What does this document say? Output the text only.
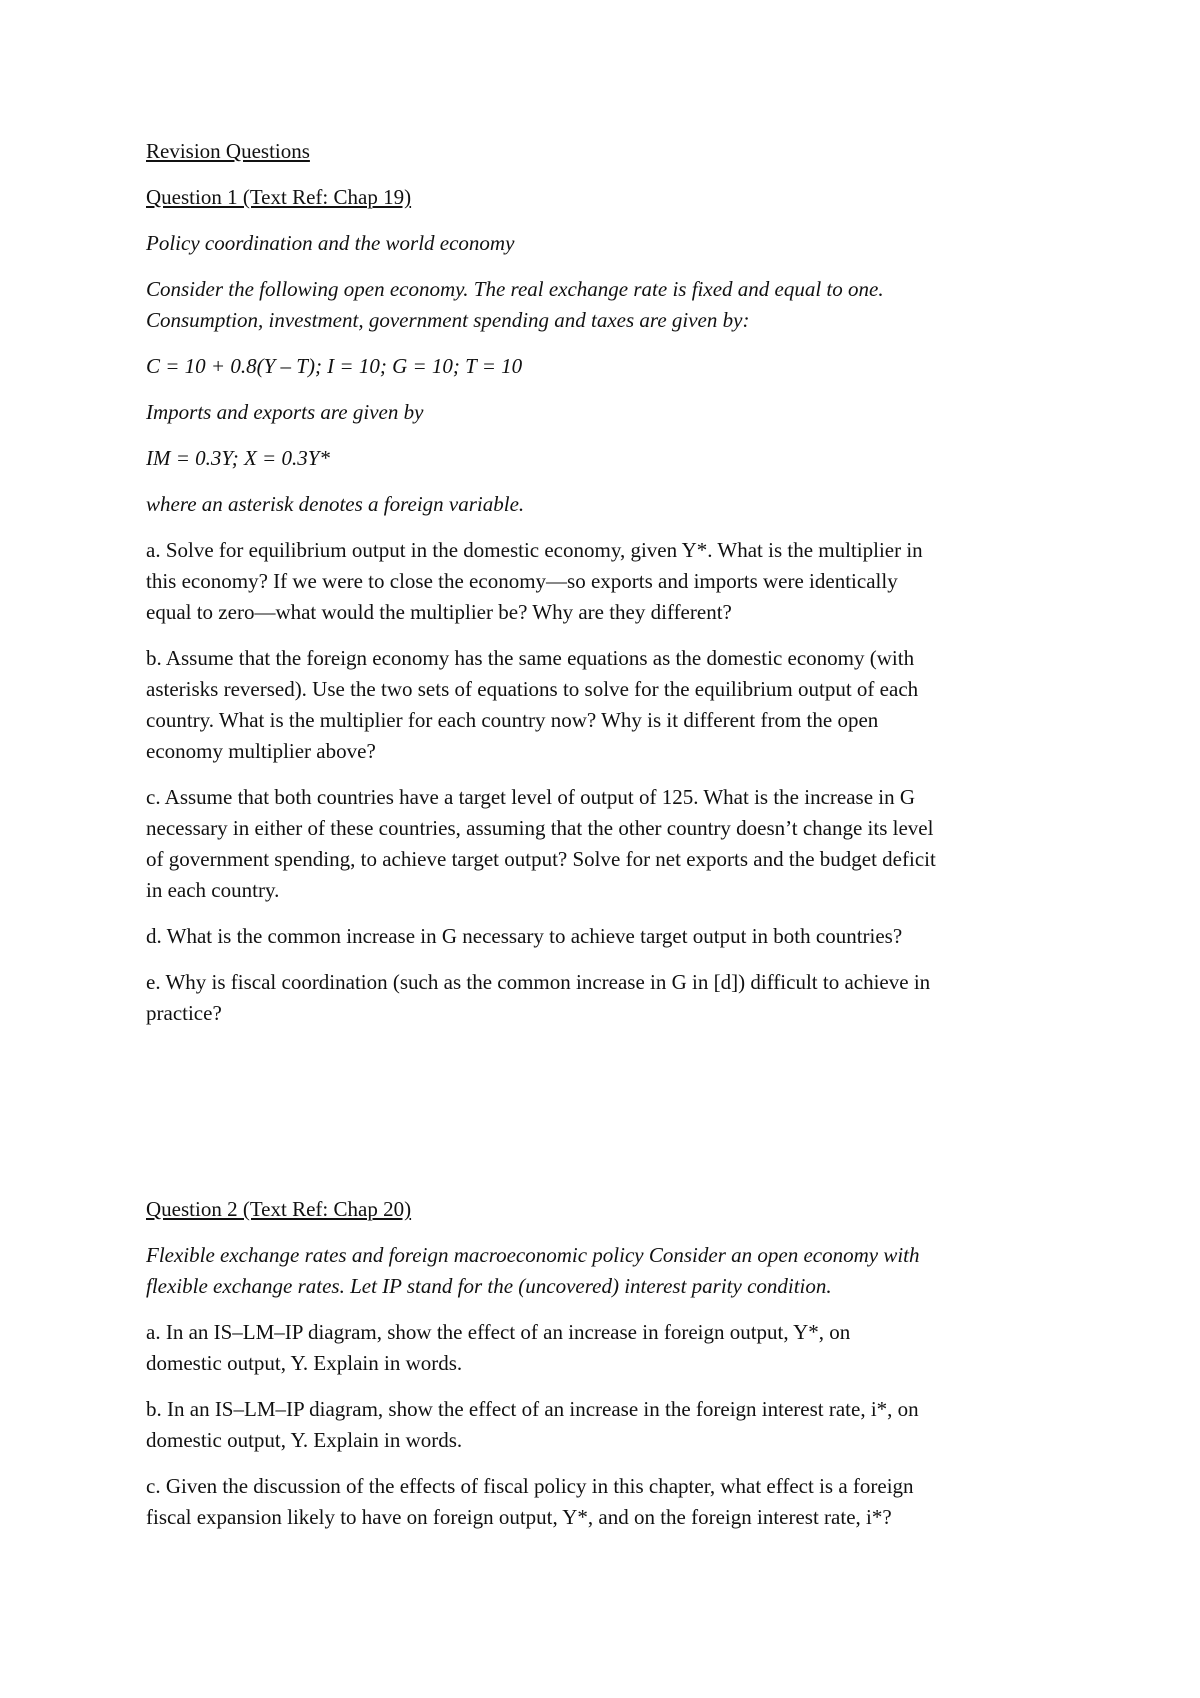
Revision Questions

Question 1 (Text Ref: Chap 19)

Policy coordination and the world economy

Consider the following open economy. The real exchange rate is fixed and equal to one.

Consumption, investment, government spending and taxes are given by:

C = 10 + 0.8(Y – T); I = 10; G = 10; T = 10

Imports and exports are given by

IM = 0.3Y; X = 0.3Y*

where an asterisk denotes a foreign variable.

a. Solve for equilibrium output in the domestic economy, given Y*. What is the multiplier in

this economy? If we were to close the economy—so exports and imports were identically

equal to zero—what would the multiplier be? Why are they different?

b. Assume that the foreign economy has the same equations as the domestic economy (with

asterisks reversed). Use the two sets of equations to solve for the equilibrium output of each

country. What is the multiplier for each country now? Why is it different from the open

economy multiplier above?

c. Assume that both countries have a target level of output of 125. What is the increase in G

necessary in either of these countries, assuming that the other country doesn’t change its level

of government spending, to achieve target output? Solve for net exports and the budget deficit

in each country.

d. What is the common increase in G necessary to achieve target output in both countries?

e. Why is fiscal coordination (such as the common increase in G in [d]) difficult to achieve in

practice?

Question 2 (Text Ref: Chap 20)

Flexible exchange rates and foreign macroeconomic policy Consider an open economy with

flexible exchange rates. Let IP stand for the (uncovered) interest parity condition.

a. In an IS–LM–IP diagram, show the effect of an increase in foreign output, Y*, on

domestic output, Y. Explain in words.

b. In an IS–LM–IP diagram, show the effect of an increase in the foreign interest rate, i*, on

domestic output, Y. Explain in words.

c. Given the discussion of the effects of fiscal policy in this chapter, what effect is a foreign

fiscal expansion likely to have on foreign output, Y*, and on the foreign interest rate, i*?
